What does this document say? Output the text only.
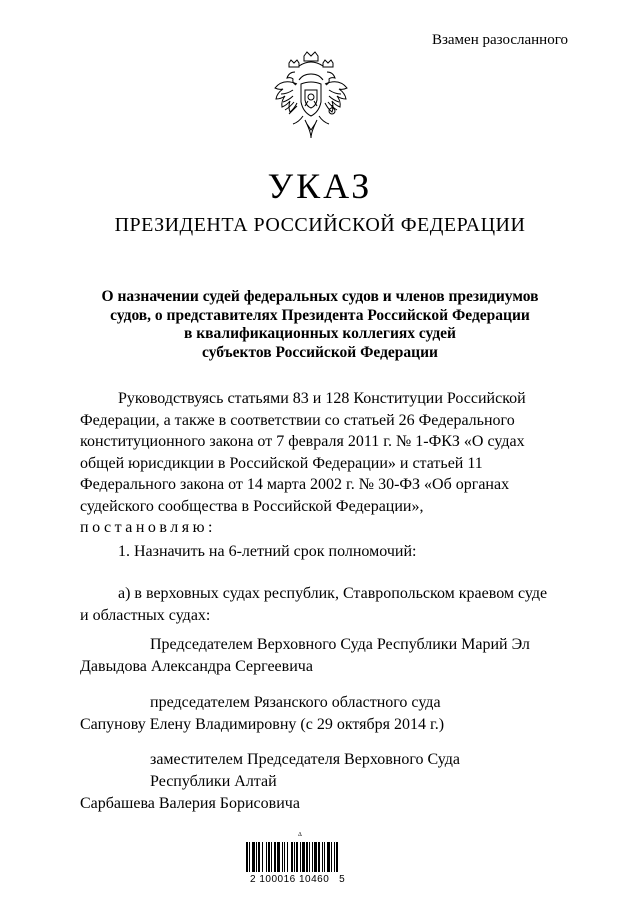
Взамен разосланного
УКАЗ
ПРЕЗИДЕНТА РОССИЙСКОЙ ФЕДЕРАЦИИ
О назначении судей федеральных судов и членов президиумов
судов, о представителях Президента Российской Федерации
в квалификационных коллегиях судей
субъектов Российской Федерации
Руководствуясь статьями 83 и 128 Конституции Российской
Федерации, а также в соответствии со статьей 26 Федерального
конституционного закона от 7 февраля 2011 г. № 1-ФКЗ «О судах
общей юрисдикции в Российской Федерации» и статьей 11
Федерального закона от 14 марта 2002 г. № 30-ФЗ «Об органах
судейского сообщества в Российской Федерации»,
постановляю:
1. Назначить на 6-летний срок полномочий:
а) в верховных судах республик, Ставропольском краевом суде
и областных судах:
Председателем Верховного Суда Республики Марий Эл
Давыдова Александра Сергеевича
председателем Рязанского областного суда
Сапунову Елену Владимировну (с 29 октября 2014 г.)
заместителем Председателя Верховного Суда
Республики Алтай
Сарбашева Валерия Борисовича
Δ
2 100016 10460   5
